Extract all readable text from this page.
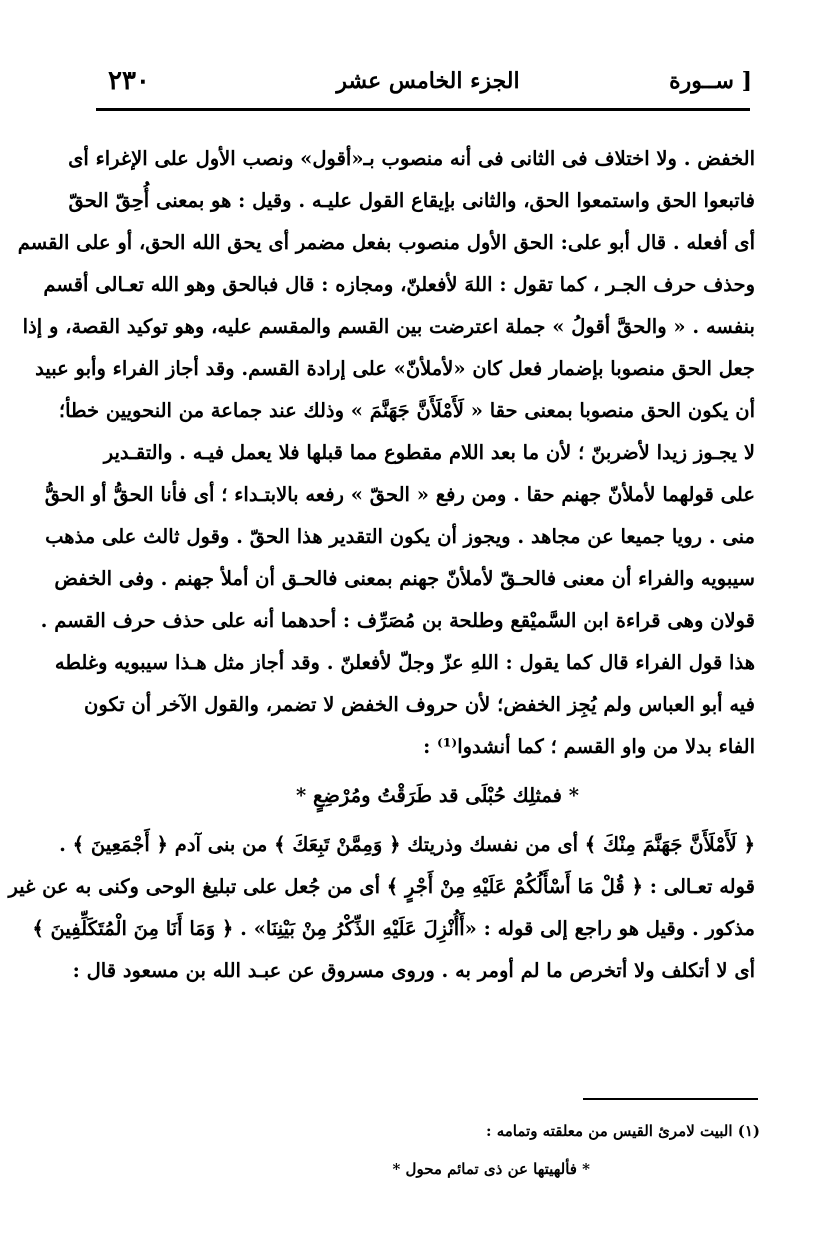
٢٣٠	الجزء الخامس عشر	[ ســورة
الخفض . ولا اختلاف فى الثانى فى أنه منصوب بـ«أقول» ونصب الأول على الإغراء أى
فاتبعوا الحق واستمعوا الحق، والثانى بإيقاع القول عليـه . وقيل : هو بمعنى أُحِقّ الحقّ
أى أفعله . قال أبو على: الحق الأول منصوب بفعل مضمر أى يحق الله الحق، أو على القسم
وحذف حرف الجـر ، كما تقول : اللهَ لأفعلنّ، ومجازه : قال فبالحق وهو الله تعـالى أقسم
بنفسه . « والحقَّ أقولُ » جملة اعترضت بين القسم والمقسم عليه، وهو توكيد القصة، و إذا
جعل الحق منصوبا بإضمار فعل كان «لأملأنّ» على إرادة القسم. وقد أجاز الفراء وأبو عبيد
أن يكون الحق منصوبا بمعنى حقا « لَأَمْلَأَنَّ جَهَنَّمَ » وذلك عند جماعة من النحويين خطأ؛
لا يجـوز زيدا لأضربنّ ؛ لأن ما بعد اللام مقطوع مما قبلها فلا يعمل فيـه . والتقـدير
على قولهما لأملأنّ جهنم حقا . ومن رفع « الحقّ » رفعه بالابتـداء ؛ أى فأنا الحقُّ أو الحقُّ
منى . رويا جميعا عن مجاهد . ويجوز أن يكون التقدير هذا الحقّ . وقول ثالث على مذهب
سيبويه والفراء أن معنى فالحـقّ لأملأنّ جهنم بمعنى فالحـق أن أملأ جهنم . وفى الخفض
قولان وهى قراءة ابن السَّميْقع وطلحة بن مُصَرِّف : أحدهما أنه على حذف حرف القسم .
هذا قول الفراء قال كما يقول : اللهِ عزّ وجلّ لأفعلنّ . وقد أجاز مثل هـذا سيبويه وغلطه
فيه أبو العباس ولم يُجِز الخفض؛ لأن حروف الخفض لا تضمر، والقول الآخر أن تكون
الفاء بدلا من واو القسم ؛ كما أنشدوا⁽¹⁾ :
* فمثلِك حُبْلَى قد طَرَقْتُ ومُرْضِعٍ *
﴿ لَأَمْلَأَنَّ جَهَنَّمَ مِنْكَ ﴾ أى من نفسك وذريتك ﴿ وَمِمَّنْ تَبِعَكَ ﴾ من بنى آدم ﴿ أَجْمَعِينَ ﴾ .
قوله تعـالى : ﴿ قُلْ مَا أَسْأَلُكُمْ عَلَيْهِ مِنْ أَجْرٍ ﴾ أى من جُعل على تبليغ الوحى وكنى به عن غير
مذكور . وقيل هو راجع إلى قوله : «أَأُنْزِلَ عَلَيْهِ الذِّكْرُ مِنْ بَيْنِنَا» . ﴿ وَمَا أَنَا مِنَ الْمُتَكَلِّفِينَ ﴾
أى لا أتكلف ولا أتخرص ما لم أومر به . وروى مسروق عن عبـد الله بن مسعود قال :
(١) البيت لامرئ القيس من معلقته وتمامه :
* فألهيتها عن ذى تمائم محول *
